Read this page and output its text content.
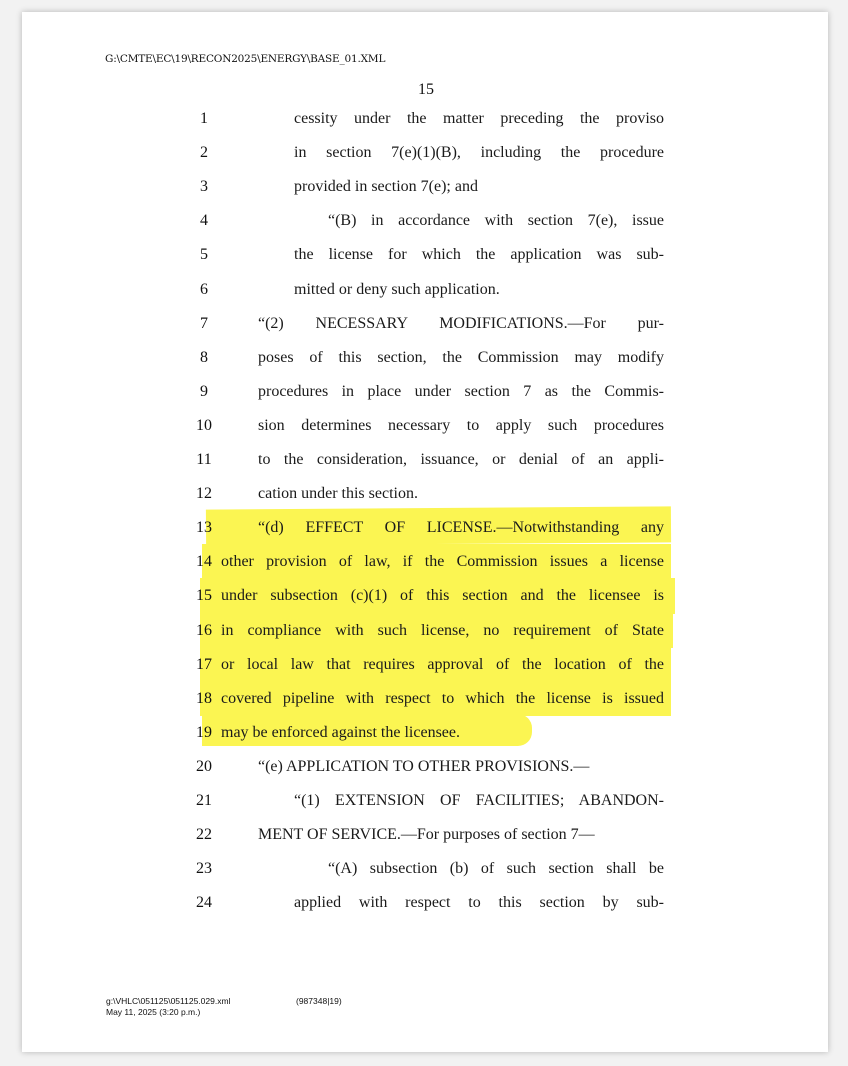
G:\CMTE\EC\19\RECON2025\ENERGY\BASE_01.XML
15
1	cessity under the matter preceding the proviso
2	in section 7(e)(1)(B), including the procedure
3	provided in section 7(e); and
4	“(B) in accordance with section 7(e), issue
5	the license for which the application was sub-
6	mitted or deny such application.
7	“(2) NECESSARY MODIFICATIONS.—For pur-
8	poses of this section, the Commission may modify
9	procedures in place under section 7 as the Commis-
10	sion determines necessary to apply such procedures
11	to the consideration, issuance, or denial of an appli-
12	cation under this section.
13	“(d) EFFECT OF LICENSE.—Notwithstanding any
14 other provision of law, if the Commission issues a license
15 under subsection (c)(1) of this section and the licensee is
16 in compliance with such license, no requirement of State
17 or local law that requires approval of the location of the
18 covered pipeline with respect to which the license is issued
19 may be enforced against the licensee.
20	“(e) APPLICATION TO OTHER PROVISIONS.—
21	“(1) EXTENSION OF FACILITIES; ABANDON-
22	MENT OF SERVICE.—For purposes of section 7—
23	“(A) subsection (b) of such section shall be
24	applied with respect to this section by sub-
g:\VHLC\051125\051125.029.xml
May 11, 2025 (3:20 p.m.)
(987348|19)
